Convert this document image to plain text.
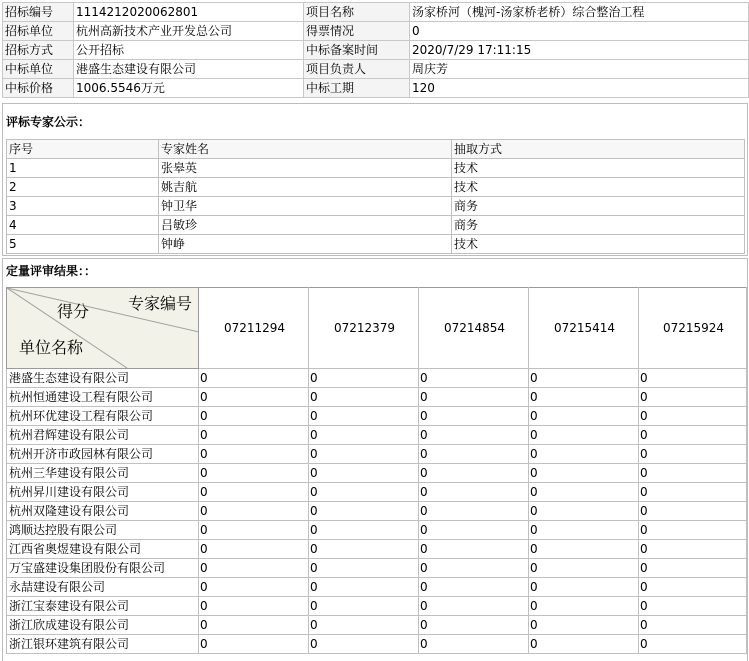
招标编号	1114212020062801	项目名称	汤家桥河（槐河-汤家桥老桥）综合整治工程
招标单位	杭州高新技术产业开发总公司	得票情况	0
招标方式	公开招标	中标备案时间	2020/7/29 17:11:15
中标单位	港盛生态建设有限公司	项目负责人	周庆芳
中标价格	1006.5546万元	中标工期	120
评标专家公示：
序号	专家姓名	抽取方式
1	张皋英	技术
2	姚吉航	技术
3	钟卫华	商务
4	吕敏珍	商务
5	钟峥	技术
定量评审结果：：
专家编号
得分
单位名称	07211294	07212379	07214854	07215414	07215924
港盛生态建设有限公司	0	0	0	0	0
杭州恒通建设工程有限公司	0	0	0	0	0
杭州环优建设工程有限公司	0	0	0	0	0
杭州君辉建设有限公司	0	0	0	0	0
杭州开济市政园林有限公司	0	0	0	0	0
杭州三华建设有限公司	0	0	0	0	0
杭州昇川建设有限公司	0	0	0	0	0
杭州双隆建设有限公司	0	0	0	0	0
鸿顺达控股有限公司	0	0	0	0	0
江西省奥煜建设有限公司	0	0	0	0	0
万宝盛建设集团股份有限公司	0	0	0	0	0
永喆建设有限公司	0	0	0	0	0
浙江宝泰建设有限公司	0	0	0	0	0
浙江欣成建设有限公司	0	0	0	0	0
浙江银环建筑有限公司	0	0	0	0	0
